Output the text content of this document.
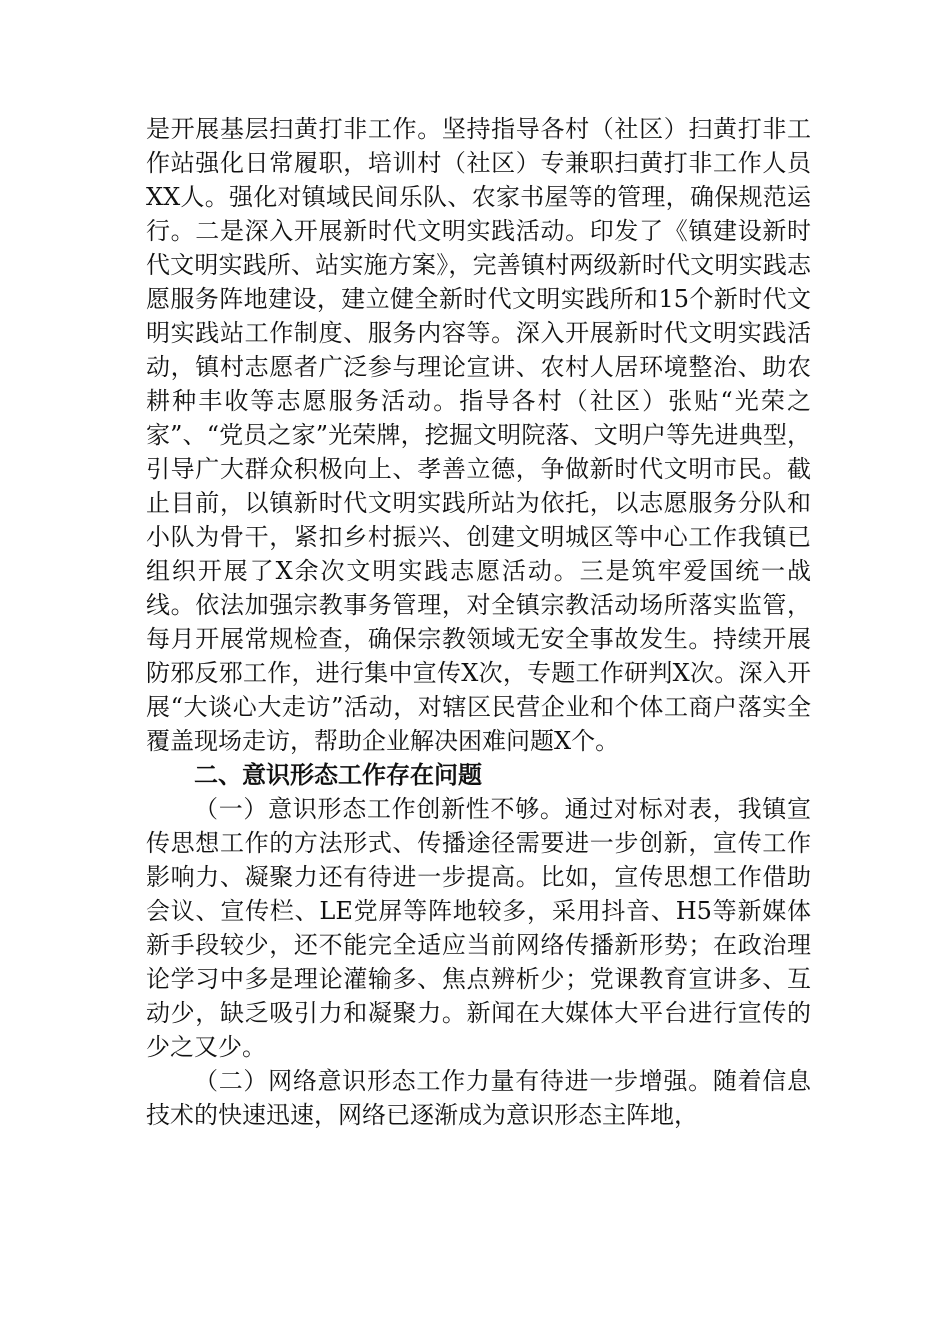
是开展基层扫黄打非工作。坚持指导各村（社区）扫黄打非工作站强化日常履职，培训村（社区）专兼职扫黄打非工作人员XX人。强化对镇域民间乐队、农家书屋等的管理，确保规范运行。二是深入开展新时代文明实践活动。印发了《镇建设新时代文明实践所、站实施方案》，完善镇村两级新时代文明实践志愿服务阵地建设，建立健全新时代文明实践所和15个新时代文明实践站工作制度、服务内容等。深入开展新时代文明实践活动，镇村志愿者广泛参与理论宣讲、农村人居环境整治、助农耕种丰收等志愿服务活动。指导各村（社区）张贴“光荣之家”、“党员之家”光荣牌，挖掘文明院落、文明户等先进典型，引导广大群众积极向上、孝善立德，争做新时代文明市民。截止目前，以镇新时代文明实践所站为依托，以志愿服务分队和小队为骨干，紧扣乡村振兴、创建文明城区等中心工作我镇已组织开展了X余次文明实践志愿活动。三是筑牢爱国统一战线。依法加强宗教事务管理，对全镇宗教活动场所落实监管，每月开展常规检查，确保宗教领域无安全事故发生。持续开展防邪反邪工作，进行集中宣传X次，专题工作研判X次。深入开展“大谈心大走访”活动，对辖区民营企业和个体工商户落实全覆盖现场走访，帮助企业解决困难问题X个。

二、意识形态工作存在问题

（一）意识形态工作创新性不够。通过对标对表，我镇宣传思想工作的方法形式、传播途径需要进一步创新，宣传工作影响力、凝聚力还有待进一步提高。比如，宣传思想工作借助会议、宣传栏、LE党屏等阵地较多，采用抖音、H5等新媒体新手段较少，还不能完全适应当前网络传播新形势；在政治理论学习中多是理论灌输多、焦点辨析少；党课教育宣讲多、互动少，缺乏吸引力和凝聚力。新闻在大媒体大平台进行宣传的少之又少。

（二）网络意识形态工作力量有待进一步增强。随着信息技术的快速迅速，网络已逐渐成为意识形态主阵地，
